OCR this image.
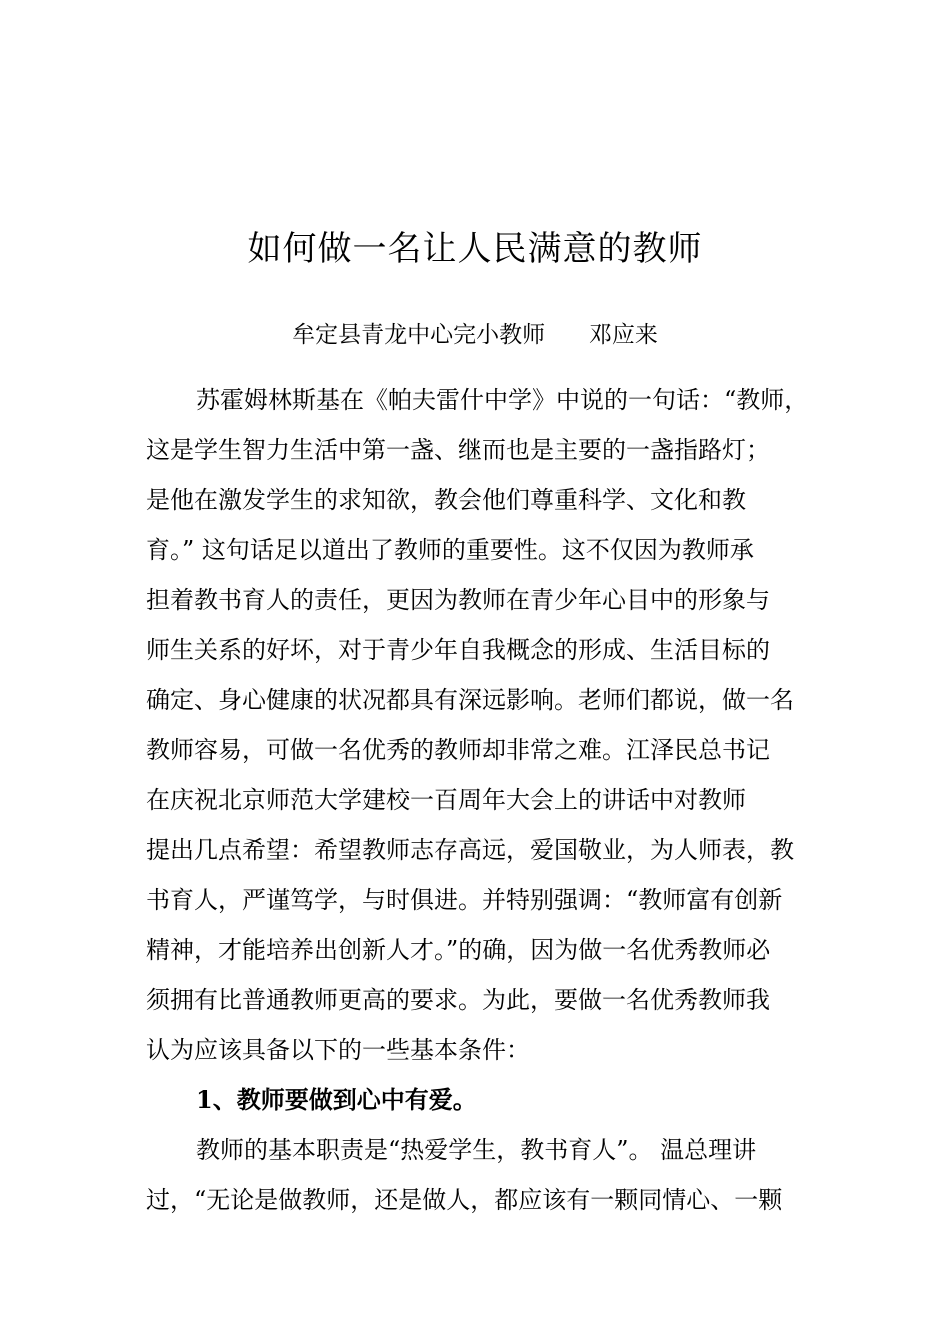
如何做一名让人民满意的教师

牟定县青龙中心完小教师      邓应来

苏霍姆林斯基在《帕夫雷什中学》中说的一句话：“教师，
这是学生智力生活中第一盏、继而也是主要的一盏指路灯；
是他在激发学生的求知欲，教会他们尊重科学、文化和教
育。” 这句话足以道出了教师的重要性。这不仅因为教师承
担着教书育人的责任，更因为教师在青少年心目中的形象与
师生关系的好坏，对于青少年自我概念的形成、生活目标的
确定、身心健康的状况都具有深远影响。老师们都说，做一名
教师容易，可做一名优秀的教师却非常之难。江泽民总书记
在庆祝北京师范大学建校一百周年大会上的讲话中对教师
提出几点希望：希望教师志存高远，爱国敬业，为人师表，教
书育人，严谨笃学，与时俱进。并特别强调：“教师富有创新
精神，才能培养出创新人才。”的确，因为做一名优秀教师必
须拥有比普通教师更高的要求。为此，要做一名优秀教师我
认为应该具备以下的一些基本条件：
1、教师要做到心中有爱。
教师的基本职责是“热爱学生，教书育人”。 温总理讲
过，“无论是做教师，还是做人，都应该有一颗同情心、一颗
